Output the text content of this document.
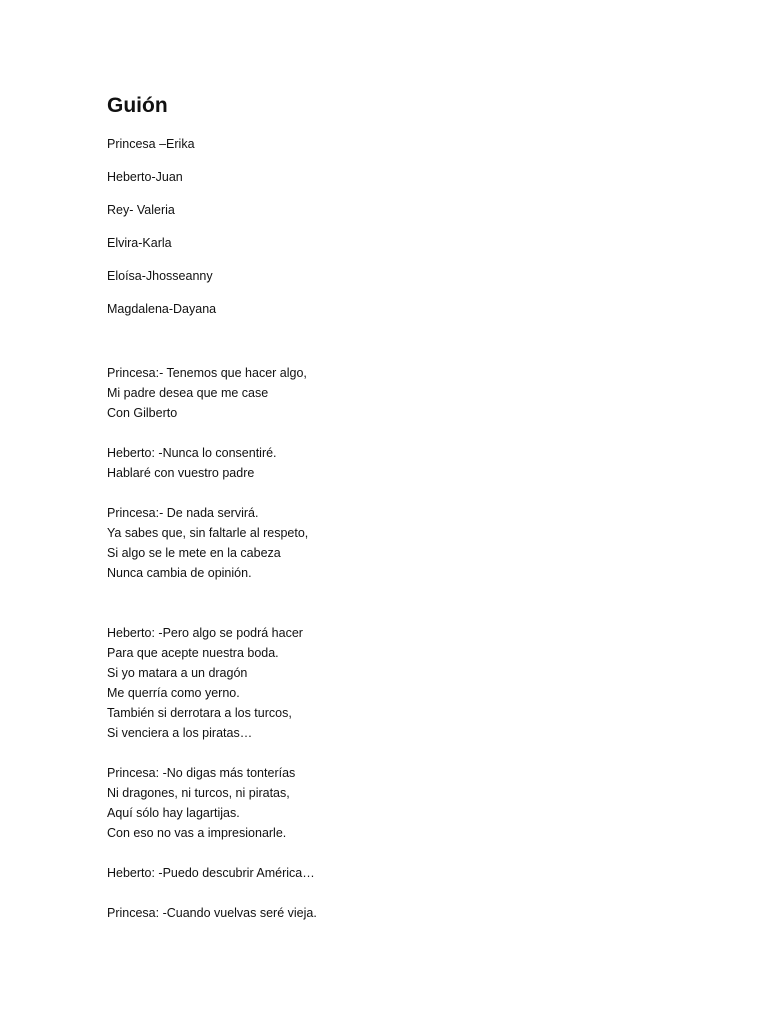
Guión

Princesa –Erika

Heberto-Juan

Rey- Valeria

Elvira-Karla

Eloísa-Jhosseanny

Magdalena-Dayana

Princesa:- Tenemos que hacer algo,
Mi padre desea que me case
Con Gilberto

Heberto: -Nunca lo consentiré.
Hablaré con vuestro padre

Princesa:- De nada servirá.
Ya sabes que, sin faltarle al respeto,
Si algo se le mete en la cabeza
Nunca cambia de opinión.

Heberto: -Pero algo se podrá hacer
Para que acepte nuestra boda.
Si yo matara a un dragón
Me querría como yerno.
También si derrotara a los turcos,
Si venciera a los piratas…

Princesa: -No digas más tonterías
Ni dragones, ni turcos, ni piratas,
Aquí sólo hay lagartijas.
Con eso no vas a impresionarle.

Heberto: -Puedo descubrir América…

Princesa: -Cuando vuelvas seré vieja.
